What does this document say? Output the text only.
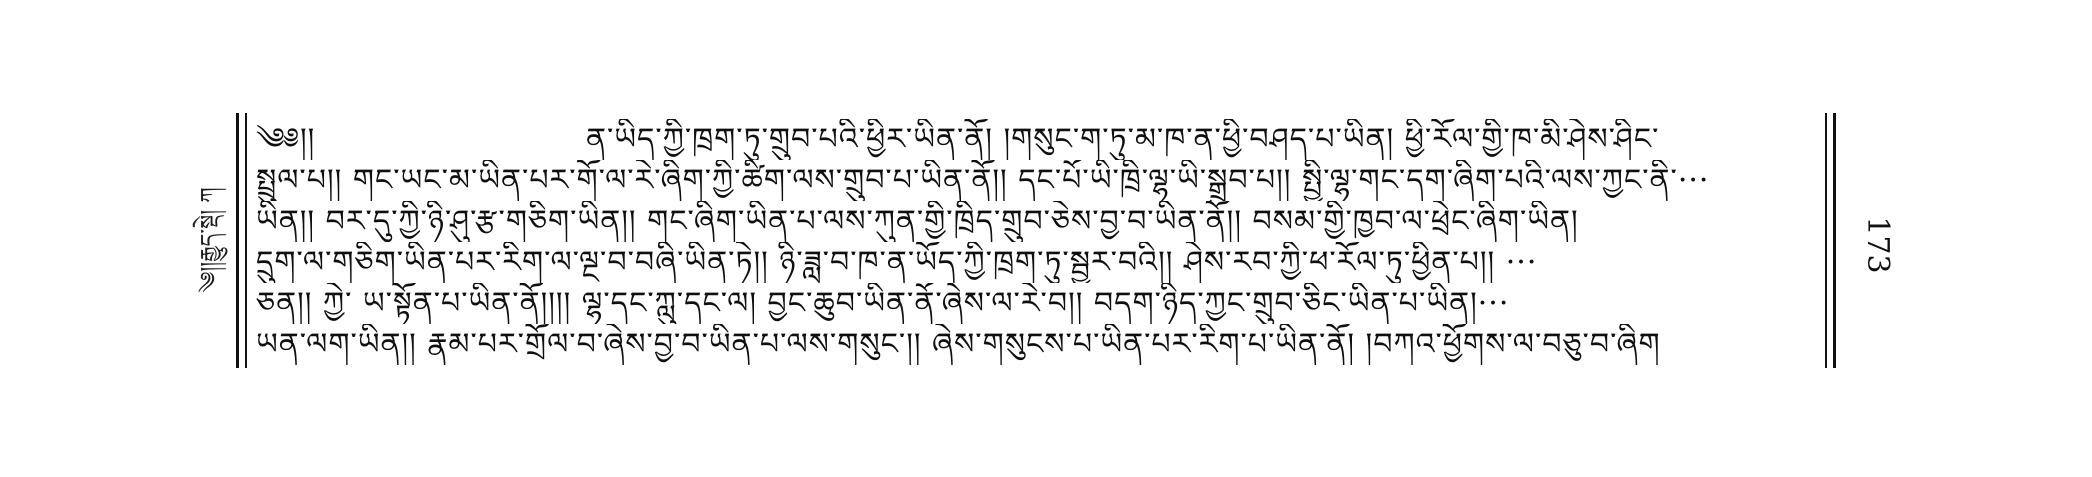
༄།།རྒྱུད་སྡེ། ཀ
༄༅།།	ན་ཡིད་ཀྱི་ཁྲག་ཏུ་གྲུབ་པའི་ཕྱིར་ཡིན་ནོ། །གསུང་ག་ཏུ་མ་ཁ་ན་ཕྱི་བཤད་པ་ཡིན། ཕྱི་རོལ་གྱི་ཁ་མི་ཤེས་ཤིང་
སྤྲུལ་པ།། གང་ཡང་མ་ཡིན་པར་གོ་ལ་རེ་ཞིག་ཀྱི་ཚིག་ལས་གྲུབ་པ་ཡིན་ནོ།། དང་པོ་ཡི་ཁྲི་ལྷ་ཡི་སྒྲུབ་པ།། སྤྱི་ལྷ་གང་དག་ཞིག་པའི་ལས་ཀྱང་ནི་···
ཡིན།། བར་དུ་ཀྱི་ཉི་ཤུ་རྩ་གཅིག་ཡིན།། གང་ཞིག་ཡིན་པ་ལས་ཀུན་གྱི་ཁྲིད་གྲུབ་ཅེས་བྱ་བ་ཡིན་ནོ།། བསམ་གྱི་ཁྱབ་ལ་ཕྲེང་ཞིག་ཡིན།
དྲུག་ལ་གཅིག་ཡིན་པར་རིག་ལ་ལྔ་བ་བཞི་ཡིན་ཏེ།། ཉི་ཟླ་བ་ཁ་ན་ཡོད་ཀྱི་ཁྲག་ཏུ་སྦྱར་བའི།། ཤེས་རབ་ཀྱི་ཕ་རོལ་ཏུ་ཕྱིན་པ།། ···
ཅན།། ཀྱེ་ ཡ་སྟོན་པ་ཡིན་ནོ།།།། ལྷ་དང་ཀླུ་དང་ལ། བྱང་ཆུབ་ཡིན་ནོ་ཞེས་ལ་རེ་བ།། བདག་ཉིད་ཀྱང་གྲུབ་ཅིང་ཡིན་པ་ཡིན།···
ཡན་ལག་ཡིན།། རྣམ་པར་གྲོལ་བ་ཞེས་བྱ་བ་ཡིན་པ་ལས་གསུང་།། ཞེས་གསུངས་པ་ཡིན་པར་རིག་པ་ཡིན་ནོ། །བཀའ་ཕྱོགས་ལ་བཅུ་བ་ཞིག
173
